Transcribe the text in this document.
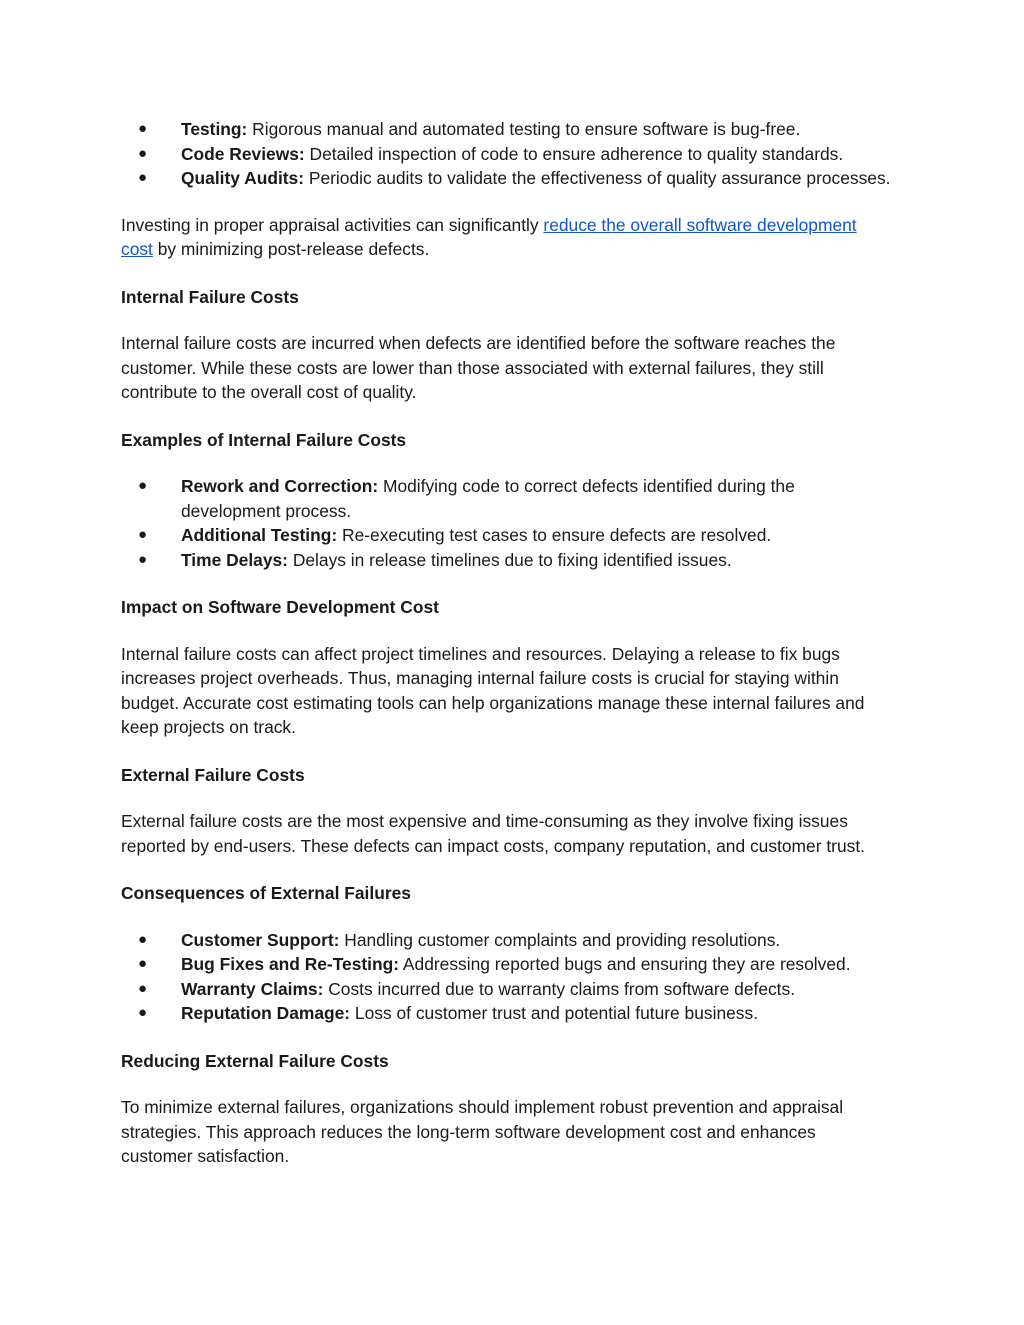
● Testing: Rigorous manual and automated testing to ensure software is bug-free.
● Code Reviews: Detailed inspection of code to ensure adherence to quality standards.
● Quality Audits: Periodic audits to validate the effectiveness of quality assurance processes.

Investing in proper appraisal activities can significantly reduce the overall software development cost by minimizing post-release defects.

Internal Failure Costs

Internal failure costs are incurred when defects are identified before the software reaches the customer. While these costs are lower than those associated with external failures, they still contribute to the overall cost of quality.

Examples of Internal Failure Costs
● Rework and Correction: Modifying code to correct defects identified during the development process.
● Additional Testing: Re-executing test cases to ensure defects are resolved.
● Time Delays: Delays in release timelines due to fixing identified issues.
Impact on Software Development Cost

Internal failure costs can affect project timelines and resources. Delaying a release to fix bugs increases project overheads. Thus, managing internal failure costs is crucial for staying within budget. Accurate cost estimating tools can help organizations manage these internal failures and keep projects on track.

External Failure Costs

External failure costs are the most expensive and time-consuming as they involve fixing issues reported by end-users. These defects can impact costs, company reputation, and customer trust.

Consequences of External Failures
● Customer Support: Handling customer complaints and providing resolutions.
● Bug Fixes and Re-Testing: Addressing reported bugs and ensuring they are resolved.
● Warranty Claims: Costs incurred due to warranty claims from software defects.
● Reputation Damage: Loss of customer trust and potential future business.
Reducing External Failure Costs

To minimize external failures, organizations should implement robust prevention and appraisal strategies. This approach reduces the long-term software development cost and enhances customer satisfaction.
